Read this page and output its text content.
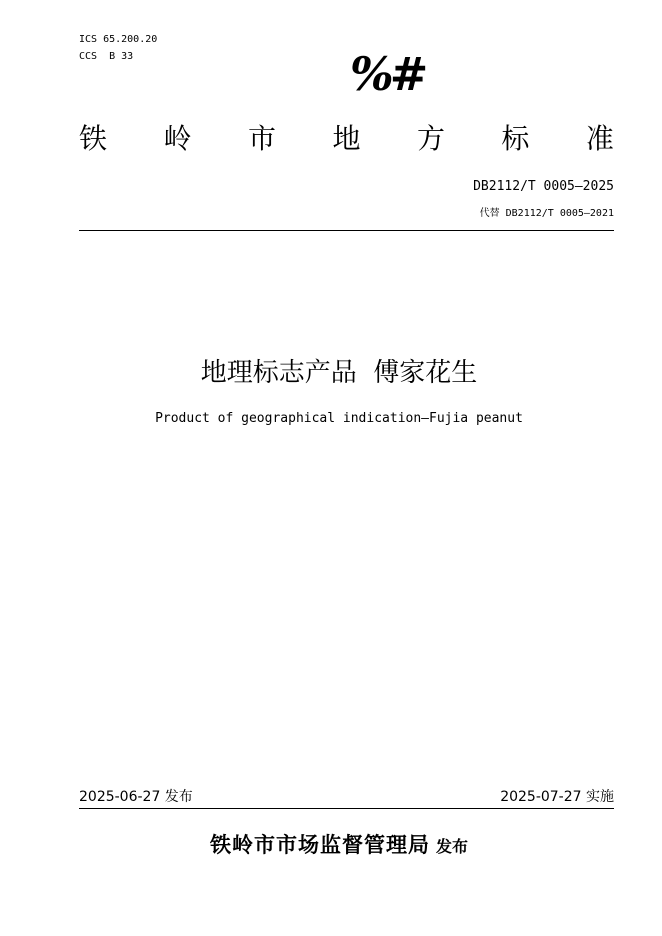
ICS 65.200.20
CCS  B 33	%#
铁 岭 市 地 方 标 准
DB2112/T 0005—2025
代替 DB2112/T 0005—2021
地理标志产品  傅家花生
Product of geographical indication—Fujia peanut
2025-06-27 发布	2025-07-27 实施
铁岭市市场监督管理局 发布
